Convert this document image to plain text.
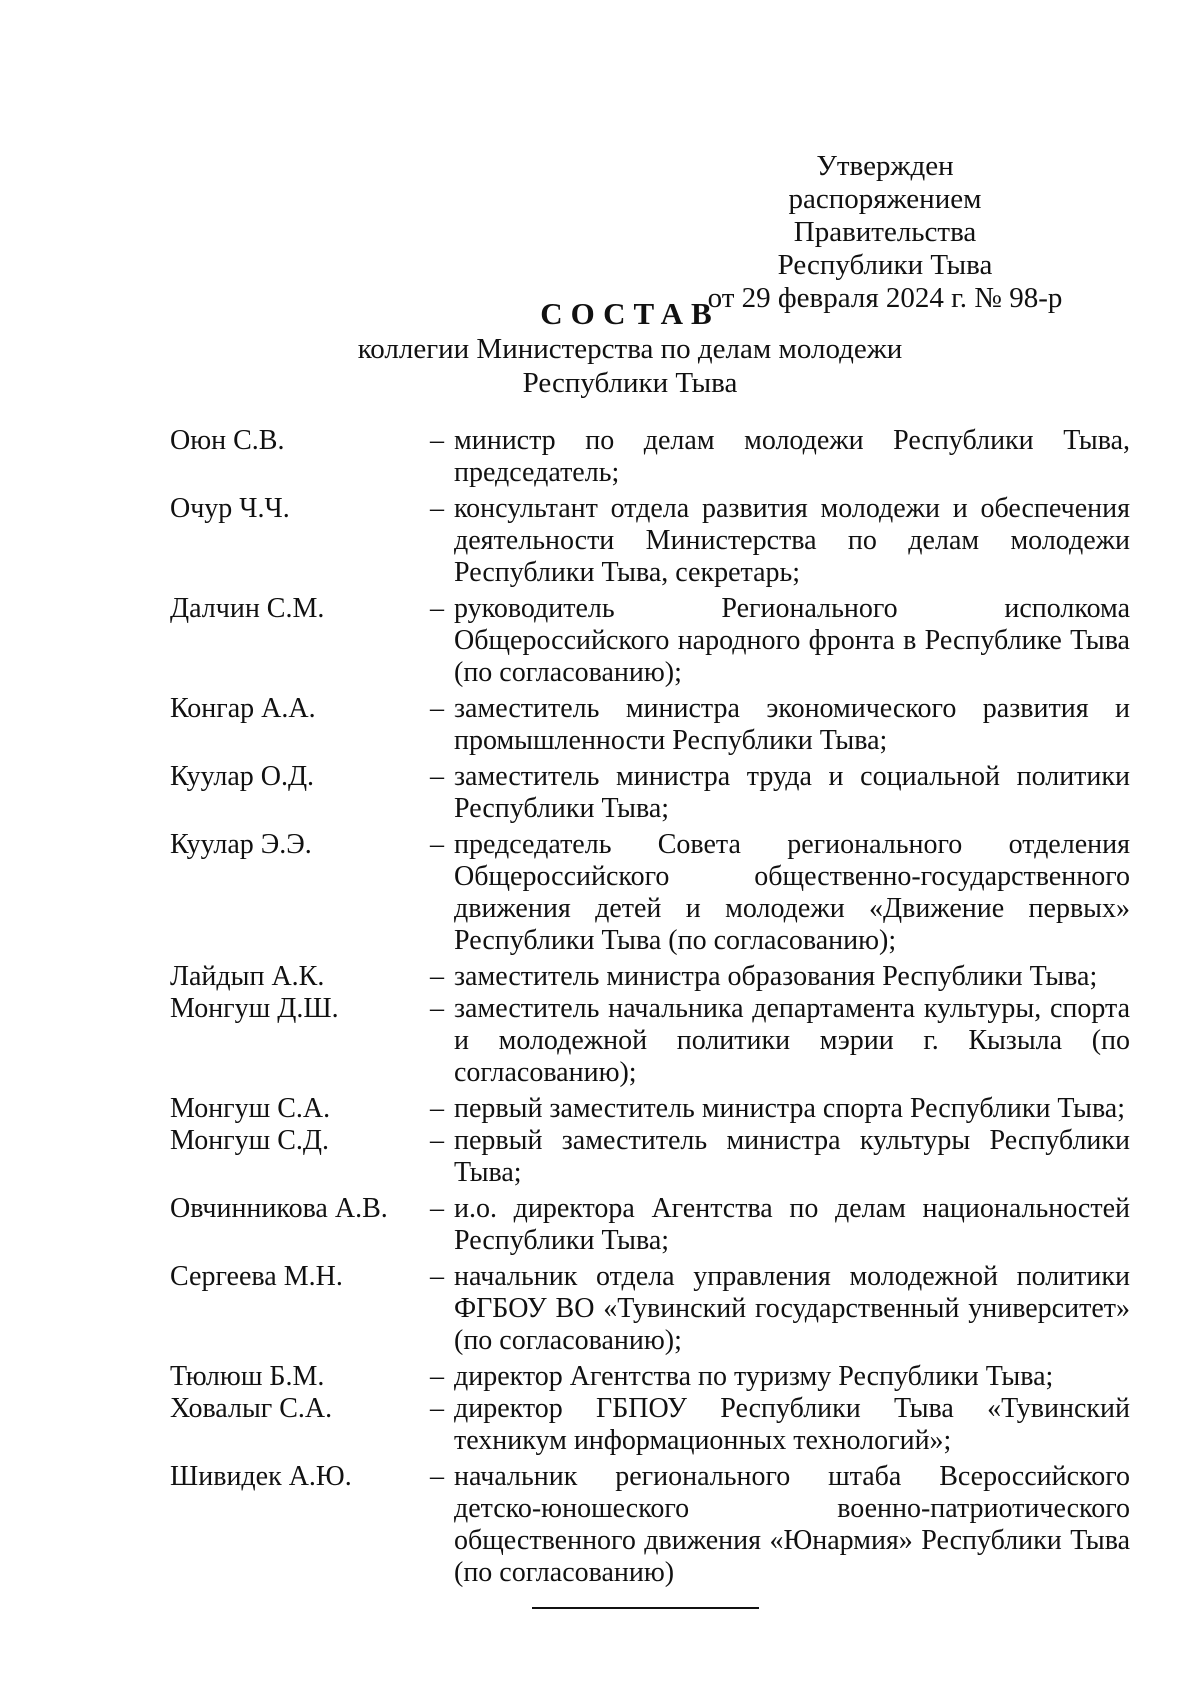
Утвержден
распоряжением Правительства
Республики Тыва
от 29 февраля 2024 г. № 98-р
СОСТАВ
коллегии Министерства по делам молодежи
Республики Тыва
Оюн С.В.	– министр по делам молодежи Республики Тыва, председатель;
Очур Ч.Ч.	– консультант отдела развития молодежи и обеспечения деятельности Министерства по делам молодежи Республики Тыва, секретарь;
Далчин С.М.	– руководитель Регионального исполкома Общероссийского народного фронта в Республике Тыва (по согласованию);
Конгар А.А.	– заместитель министра экономического развития и промышленности Республики Тыва;
Куулар О.Д.	– заместитель министра труда и социальной политики Республики Тыва;
Куулар Э.Э.	– председатель Совета регионального отделения Общероссийского общественно-государственного движения детей и молодежи «Движение первых» Республики Тыва (по согласованию);
Лайдып А.К.	– заместитель министра образования Республики Тыва;
Монгуш Д.Ш.	– заместитель начальника департамента культуры, спорта и молодежной политики мэрии г. Кызыла (по согласованию);
Монгуш С.А.	– первый заместитель министра спорта Республики Тыва;
Монгуш С.Д.	– первый заместитель министра культуры Республики Тыва;
Овчинникова А.В.	– и.о. директора Агентства по делам национальностей Республики Тыва;
Сергеева М.Н.	– начальник отдела управления молодежной политики ФГБОУ ВО «Тувинский государственный университет» (по согласованию);
Тюлюш Б.М.	– директор Агентства по туризму Республики Тыва;
Ховалыг С.А.	– директор ГБПОУ Республики Тыва «Тувинский техникум информационных технологий»;
Шивидек А.Ю.	– начальник регионального штаба Всероссийского детско-юношеского военно-патриотического общественного движения «Юнармия» Республики Тыва (по согласованию)
